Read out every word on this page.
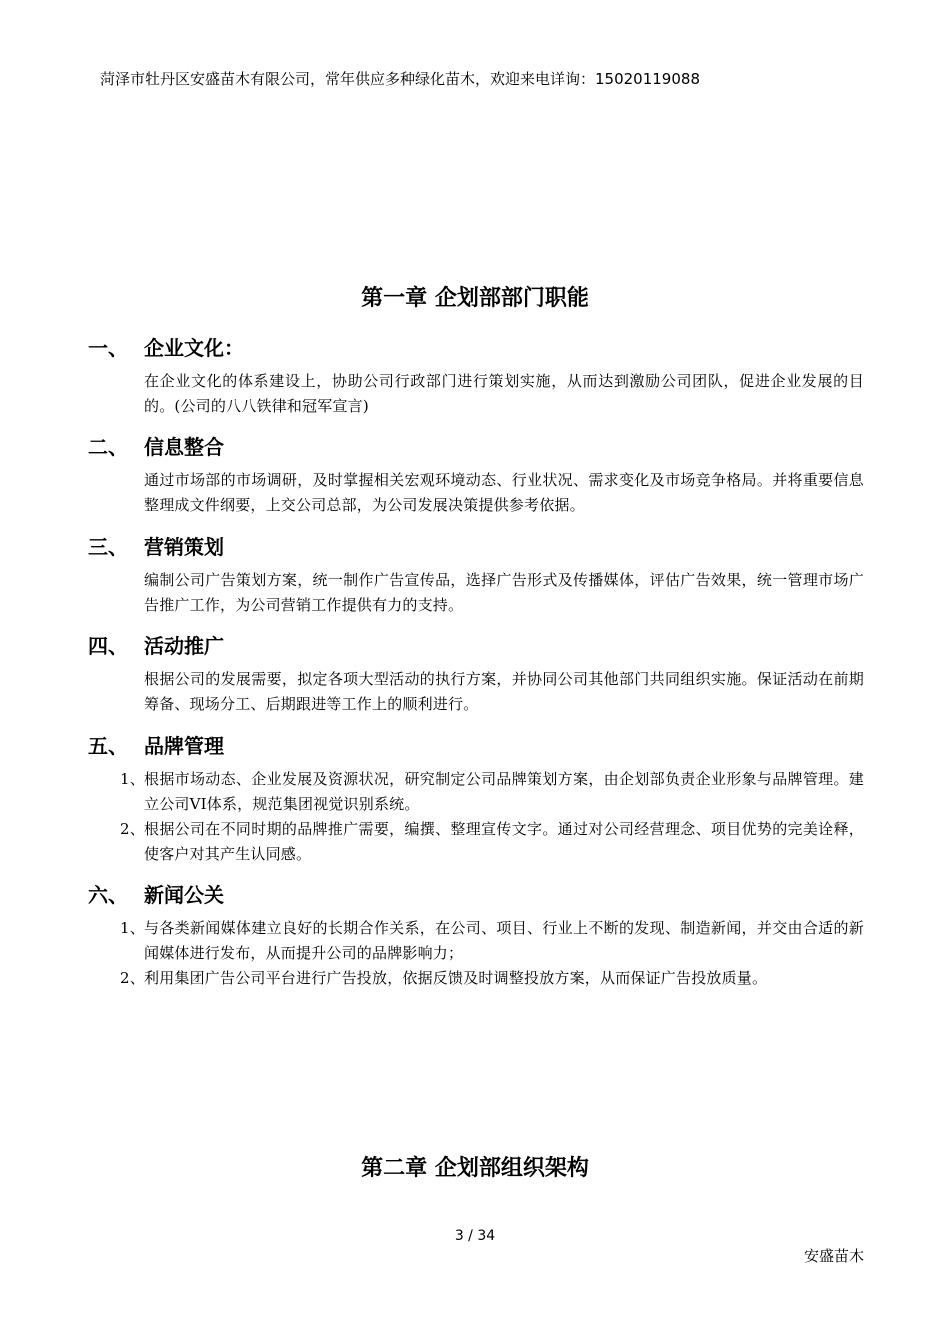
菏泽市牡丹区安盛苗木有限公司，常年供应多种绿化苗木，欢迎来电详询：15020119088
第一章 企划部部门职能
一、 企业文化：
在企业文化的体系建设上，协助公司行政部门进行策划实施，从而达到激励公司团队，促进企业发展的目的。(公司的八八铁律和冠军宣言)
二、 信息整合
通过市场部的市场调研，及时掌握相关宏观环境动态、行业状况、需求变化及市场竞争格局。并将重要信息整理成文件纲要，上交公司总部，为公司发展决策提供参考依据。
三、 营销策划
编制公司广告策划方案，统一制作广告宣传品，选择广告形式及传播媒体，评估广告效果，统一管理市场广告推广工作，为公司营销工作提供有力的支持。
四、 活动推广
根据公司的发展需要，拟定各项大型活动的执行方案，并协同公司其他部门共同组织实施。保证活动在前期筹备、现场分工、后期跟进等工作上的顺利进行。
五、 品牌管理
1、 根据市场动态、企业发展及资源状况，研究制定公司品牌策划方案，由企划部负责企业形象与品牌管理。建立公司VI体系，规范集团视觉识别系统。
2、 根据公司在不同时期的品牌推广需要，编撰、整理宣传文字。通过对公司经营理念、项目优势的完美诠释，使客户对其产生认同感。
六、 新闻公关
1、 与各类新闻媒体建立良好的长期合作关系，在公司、项目、行业上不断的发现、制造新闻，并交由合适的新闻媒体进行发布，从而提升公司的品牌影响力；
2、 利用集团广告公司平台进行广告投放，依据反馈及时调整投放方案，从而保证广告投放质量。
第二章 企划部组织架构
3 / 34
安盛苗木
